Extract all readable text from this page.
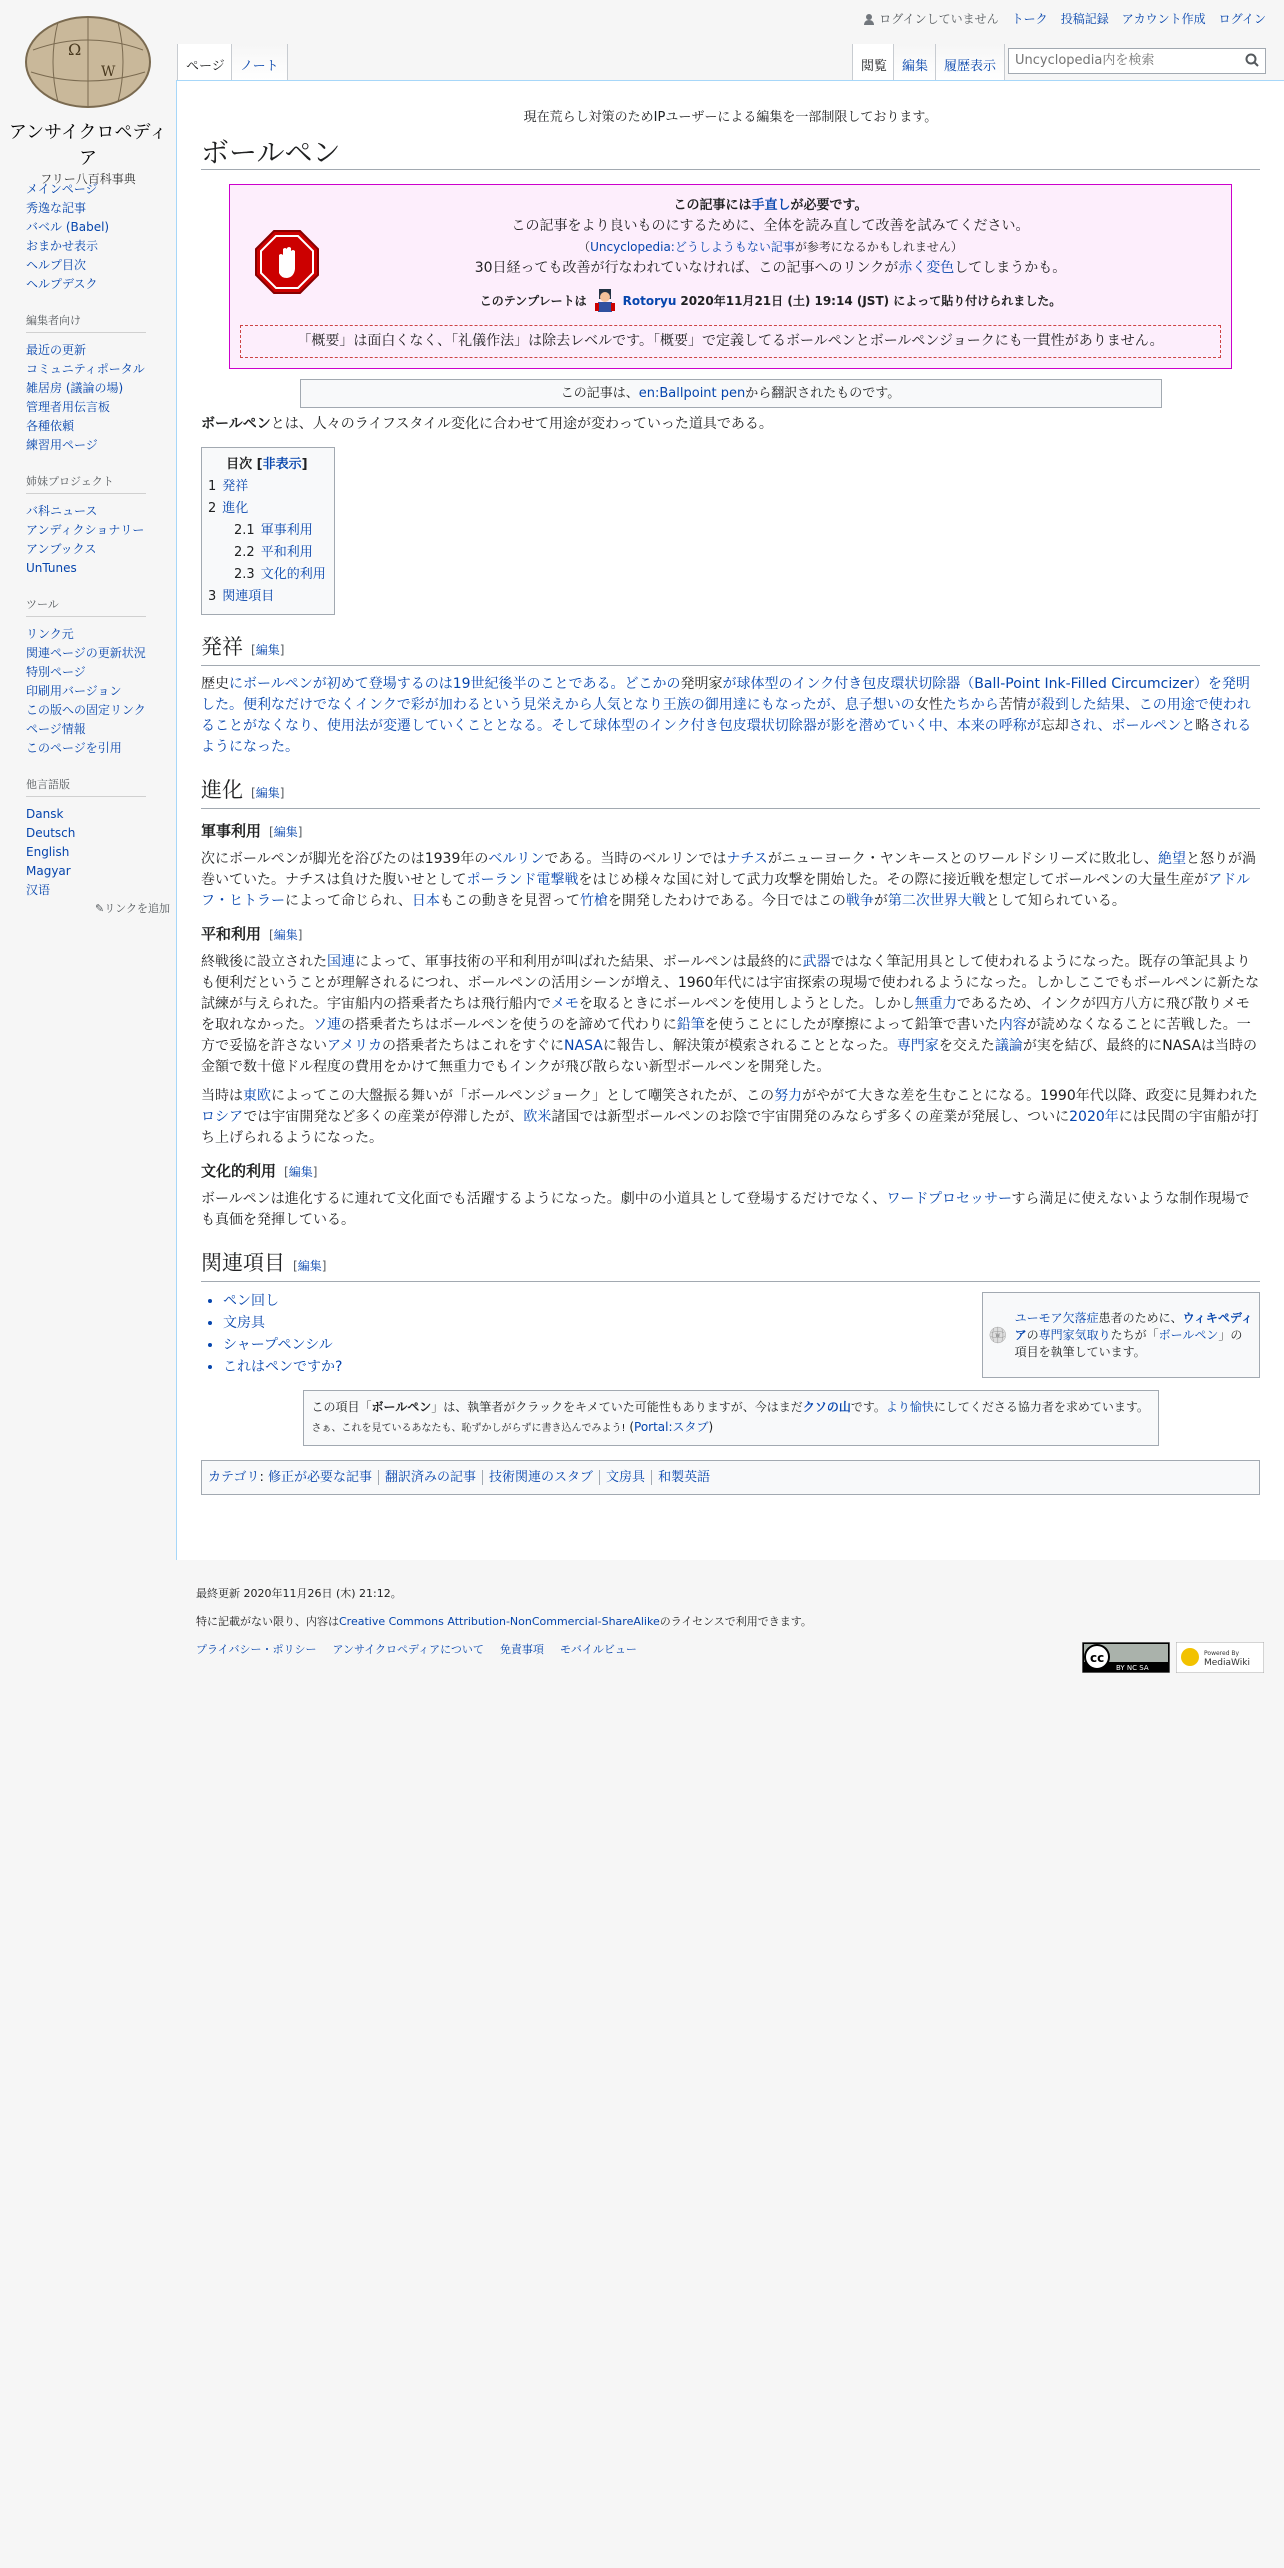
ログインしていません トーク 投稿記録 アカウント作成 ログイン
Ω
W
アンサイクロペディア
フリー八百科事典
メインページ
秀逸な記事
バベル (Babel)
おまかせ表示
ヘルプ目次
ヘルプデスク
編集者向け
最近の更新
コミュニティポータル
雑居房 (議論の場)
管理者用伝言板
各種依頼
練習用ページ
姉妹プロジェクト
バ科ニュース
アンディクショナリー
アンブックス
UnTunes
ツール
リンク元
関連ページの更新状況
特別ページ
印刷用バージョン
この版への固定リンク
ページ情報
このページを引用
他言語版
Dansk
Deutsch
English
Magyar
汉语
✎リンクを追加
ページ ノート	閲覧 編集 履歴表示
Uncyclopedia内を検索
現在荒らし対策のためIPユーザーによる編集を一部制限しております。
ボールペン
この記事には手直しが必要です。
この記事をより良いものにするために、全体を読み直して改善を試みてください。
（Uncyclopedia:どうしようもない記事が参考になるかもしれません）
30日経っても改善が行なわれていなければ、この記事へのリンクが赤く変色してしまうかも。
このテンプレートは	Rotoryu 2020年11月21日 (土) 19:14 (JST) によって貼り付けられました。
「概要」は面白くなく、「礼儀作法」は除去レベルです。「概要」で定義してるボールペンとボールペンジョークにも一貫性がありません。
この記事は、en:Ballpoint penから翻訳されたものです。

ボールペンとは、人々のライフスタイル変化に合わせて用途が変わっていった道具である。

目次 [非表示]
1 発祥
2 進化
2.1 軍事利用
2.2 平和利用
2.3 文化的利用
3 関連項目
発祥 [編集]

歴史にボールペンが初めて登場するのは19世紀後半のことである。どこかの発明家が球体型のインク付き包皮環状切除器（Ball-Point Ink-Filled Circumcizer）を発明した。便利なだけでなくインクで彩が加わるという見栄えから人気となり王族の御用達にもなったが、息子想いの女性たちから苦情が殺到した結果、この用途で使われることがなくなり、使用法が変遷していくこととなる。そして球体型のインク付き包皮環状切除器が影を潜めていく中、本来の呼称が忘却され、ボールペンと略されるようになった。

進化 [編集]
軍事利用 [編集]

次にボールペンが脚光を浴びたのは1939年のベルリンである。当時のベルリンではナチスがニューヨーク・ヤンキースとのワールドシリーズに敗北し、絶望と怒りが渦巻いていた。ナチスは負けた腹いせとしてポーランド電撃戦をはじめ様々な国に対して武力攻撃を開始した。その際に接近戦を想定してボールペンの大量生産がアドルフ・ヒトラーによって命じられ、日本もこの動きを見習って竹槍を開発したわけである。今日ではこの戦争が第二次世界大戦として知られている。

平和利用 [編集]

終戦後に設立された国連によって、軍事技術の平和利用が叫ばれた結果、ボールペンは最終的に武器ではなく筆記用具として使われるようになった。既存の筆記具よりも便利だということが理解されるにつれ、ボールペンの活用シーンが増え、1960年代には宇宙探索の現場で使われるようになった。しかしここでもボールペンに新たな試練が与えられた。宇宙船内の搭乗者たちは飛行船内でメモを取るときにボールペンを使用しようとした。しかし無重力であるため、インクが四方八方に飛び散りメモを取れなかった。ソ連の搭乗者たちはボールペンを使うのを諦めて代わりに鉛筆を使うことにしたが摩擦によって鉛筆で書いた内容が読めなくなることに苦戦した。一方で妥協を許さないアメリカの搭乗者たちはこれをすぐにNASAに報告し、解決策が模索されることとなった。専門家を交えた議論が実を結び、最終的にNASAは当時の金額で数十億ドル程度の費用をかけて無重力でもインクが飛び散らない新型ボールペンを開発した。

当時は東欧によってこの大盤振る舞いが「ボールペンジョーク」として嘲笑されたが、この努力がやがて大きな差を生むことになる。1990年代以降、政変に見舞われたロシアでは宇宙開発など多くの産業が停滞したが、欧米諸国では新型ボールペンのお陰で宇宙開発のみならず多くの産業が発展し、ついに2020年には民間の宇宙船が打ち上げられるようになった。

文化的利用 [編集]

ボールペンは進化するに連れて文化面でも活躍するようになった。劇中の小道具として登場するだけでなく、ワードプロセッサーすら満足に使えないような制作現場でも真価を発揮している。

関連項目 [編集]
• ペン回し
• 文房具
• シャープペンシル
• これはペンですか?
W
ユーモア欠落症患者のために、ウィキペディアの専門家気取りたちが「ボールペン」の項目を執筆しています。
この項目「ボールペン」は、執筆者がクラックをキメていた可能性もありますが、今はまだクソの山です。より愉快にしてくださる協力者を求めています。さぁ、これを見ているあなたも、恥ずかしがらずに書き込んでみよう! (Portal:スタブ)
カテゴリ: 修正が必要な記事 翻訳済みの記事 技術関連のスタブ 文房具 和製英語
最終更新 2020年11月26日 (木) 21:12。
特に記載がない限り、内容はCreative Commons Attribution-NonCommercial-ShareAlikeのライセンスで利用できます。
プライバシー・ポリシー アンサイクロペディアについて 免責事項 モバイルビュー
cc
BY NC SA
Powered By
MediaWiki
